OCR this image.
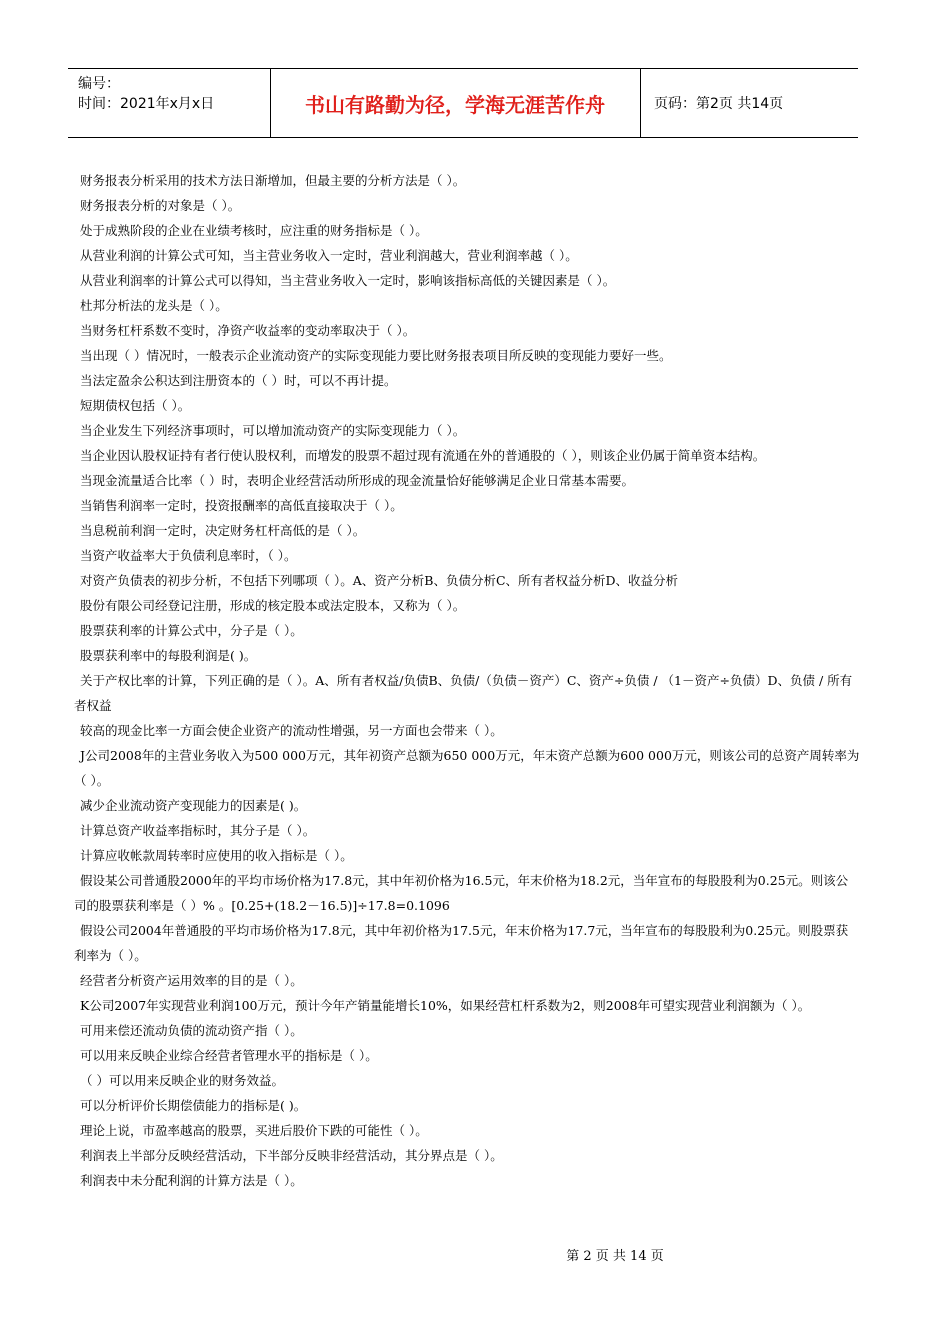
编号：
时间：2021年x月x日	书山有路勤为径，学海无涯苦作舟	页码：第2页 共14页

财务报表分析采用的技术方法日渐增加，但最主要的分析方法是（ ）。

财务报表分析的对象是（ ）。

处于成熟阶段的企业在业绩考核时，应注重的财务指标是（ ）。

从营业利润的计算公式可知，当主营业务收入一定时，营业利润越大，营业利润率越（ ）。

从营业利润率的计算公式可以得知，当主营业务收入一定时，影响该指标高低的关键因素是（ ）。

杜邦分析法的龙头是（ ）。

当财务杠杆系数不变时，净资产收益率的变动率取决于（ ）。

当出现（ ）情况时，一般表示企业流动资产的实际变现能力要比财务报表项目所反映的变现能力要好一些。

当法定盈余公积达到注册资本的（ ）时，可以不再计提。

短期债权包括（ ）。

当企业发生下列经济事项时，可以增加流动资产的实际变现能力（ ）。

当企业因认股权证持有者行使认股权利，而增发的股票不超过现有流通在外的普通股的（ ），则该企业仍属于简单资本结构。

当现金流量适合比率（ ）时，表明企业经营活动所形成的现金流量恰好能够满足企业日常基本需要。

当销售利润率一定时，投资报酬率的高低直接取决于（ ）。

当息税前利润一定时，决定财务杠杆高低的是（ ）。

当资产收益率大于负债利息率时，（ ）。

对资产负债表的初步分析，不包括下列哪项（ ）。A、资产分析B、负债分析C、所有者权益分析D、收益分析

股份有限公司经登记注册，形成的核定股本或法定股本，又称为（ ）。

股票获利率的计算公式中，分子是（ ）。

股票获利率中的每股利润是( )。

关于产权比率的计算，下列正确的是（ ）。A、所有者权益/负债B、负债/（负债－资产）C、资产÷负债 / （1－资产÷负债）D、负债 / 所有者权益

较高的现金比率一方面会使企业资产的流动性增强，另一方面也会带来（ ）。

J公司2008年的主营业务收入为500 000万元，其年初资产总额为650 000万元，年末资产总额为600 000万元，则该公司的总资产周转率为（ ）。

减少企业流动资产变现能力的因素是( )。

计算总资产收益率指标时，其分子是（ ）。

计算应收帐款周转率时应使用的收入指标是（ ）。

假设某公司普通股2000年的平均市场价格为17.8元，其中年初价格为16.5元，年末价格为18.2元，当年宣布的每股股利为0.25元。则该公司的股票获利率是（ ）% 。[0.25+(18.2－16.5)]÷17.8=0.1096

假设公司2004年普通股的平均市场价格为17.8元，其中年初价格为17.5元，年末价格为17.7元，当年宣布的每股股利为0.25元。则股票获利率为（ ）。

经营者分析资产运用效率的目的是（ ）。

K公司2007年实现营业利润100万元，预计今年产销量能增长10%，如果经营杠杆系数为2，则2008年可望实现营业利润额为（ ）。

可用来偿还流动负债的流动资产指（ ）。

可以用来反映企业综合经营者管理水平的指标是（ ）。

（ ）可以用来反映企业的财务效益。

可以分析评价长期偿债能力的指标是( )。

理论上说，市盈率越高的股票，买进后股价下跌的可能性（ ）。

利润表上半部分反映经营活动，下半部分反映非经营活动，其分界点是（ ）。

利润表中未分配利润的计算方法是（ ）。

第 2 页 共 14 页
